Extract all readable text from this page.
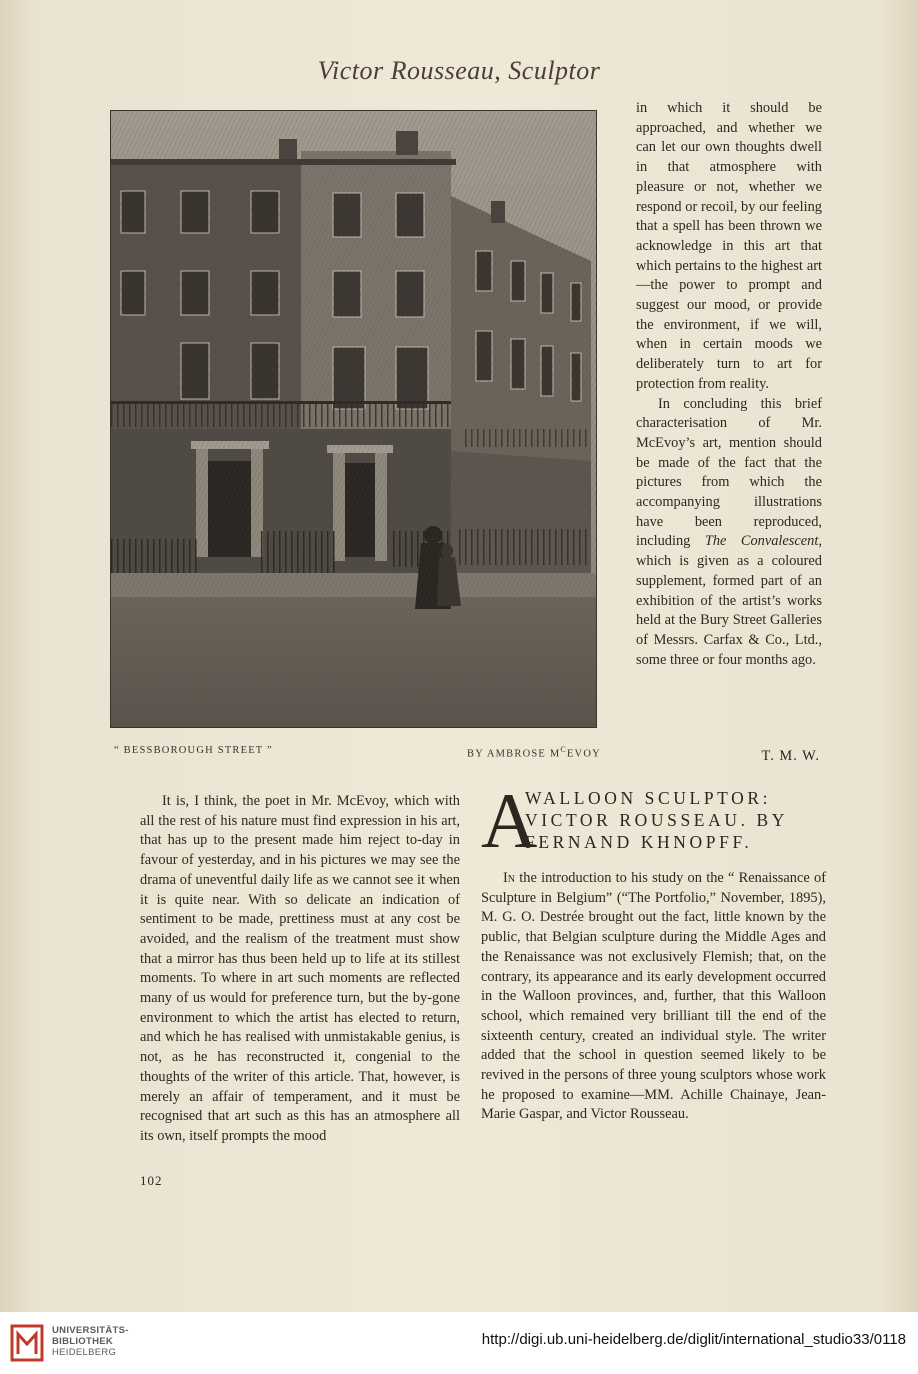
Victor Rousseau, Sculptor
“ BESSBOROUGH STREET ”	BY AMBROSE $M^CEVOY$

in which it should be approached, and whether we can let our own thoughts dwell in that atmosphere with pleasure or not, whether we respond or recoil, by our feeling that a spell has been thrown we acknowledge in this art that which pertains to the highest art—the power to prompt and suggest our mood, or provide the environment, if we will, when in certain moods we deliberately turn to art for protection from reality.

In concluding this brief characterisation of Mr. McEvoy’s art, mention should be made of the fact that the pictures from which the accompanying illustrations have been reproduced, including The Convalescent, which is given as a coloured supplement, formed part of an exhibition of the artist’s works held at the Bury Street Galleries of Messrs. Carfax & Co., Ltd., some three or four months ago.

T. M. W.

It is, I think, the poet in Mr. McEvoy, which with all the rest of his nature must find expression in his art, that has up to the present made him reject to-day in favour of yesterday, and in his pictures we may see the drama of uneventful daily life as we cannot see it when it is quite near. With so delicate an indication of sentiment to be made, prettiness must at any cost be avoided, and the realism of the treatment must show that a mirror has thus been held up to life at its stillest moments. To where in art such moments are reflected many of us would for preference turn, but the by-gone environment to which the artist has elected to return, and which he has realised with unmistakable genius, is not, as he has reconstructed it, congenial to the thoughts of the writer of this article. That, however, is merely an affair of temperament, and it must be recognised that art such as this has an atmosphere all its own, itself prompts the mood

A
WALLOON SCULPTOR:
VICTOR ROUSSEAU. BY
FERNAND KHNOPFF.

In the introduction to his study on the “ Renaissance of Sculpture in Belgium” (“The Portfolio,” November, 1895), M. G. O. Destrée brought out the fact, little known by the public, that Belgian sculpture during the Middle Ages and the Renaissance was not exclusively Flemish; that, on the contrary, its appearance and its early development occurred in the Walloon provinces, and, further, that this Walloon school, which remained very brilliant till the end of the sixteenth century, created an individual style. The writer added that the school in question seemed likely to be revived in the persons of three young sculptors whose work he proposed to examine—MM. Achille Chainaye, Jean-Marie Gaspar, and Victor Rousseau.

102
UNIVERSITÄTS-
BIBLIOTHEK
HEIDELBERG
http://digi.ub.uni-heidelberg.de/diglit/international_studio33/0118
